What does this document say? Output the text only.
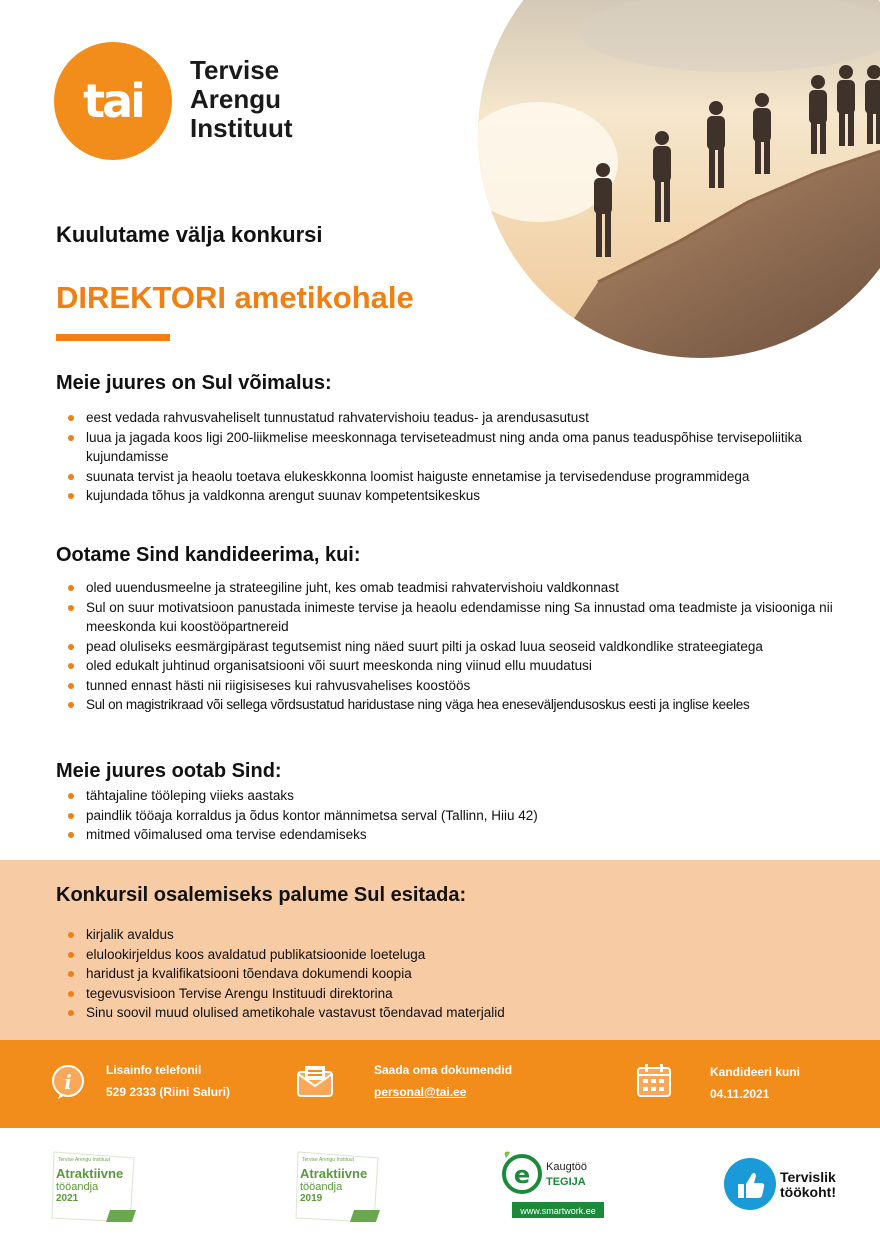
tai
Tervise
Arengu
Instituut
Kuulutame välja konkursi
DIREKTORI ametikohale
Meie juures on Sul võimalus:
eest vedada rahvusvaheliselt tunnustatud rahvatervishoiu teadus- ja arendusasutust
luua ja jagada koos ligi 200-liikmelise meeskonnaga terviseteadmust ning anda oma panus teaduspõhise tervisepoliitika kujundamisse
suunata tervist ja heaolu toetava elukeskkonna loomist haiguste ennetamise ja tervisedenduse programmidega
kujundada tõhus ja valdkonna arengut suunav kompetentsikeskus
Ootame Sind kandideerima, kui:
oled uuendusmeelne ja strateegiline juht, kes omab teadmisi rahvatervishoiu valdkonnast
Sul on suur motivatsioon panustada inimeste tervise ja heaolu edendamisse ning Sa innustad oma teadmiste ja visiooniga nii meeskonda kui koostööpartnereid
pead oluliseks eesmärgipärast tegutsemist ning näed suurt pilti ja oskad luua seoseid valdkondlike strateegiatega
oled edukalt juhtinud organisatsiooni või suurt meeskonda ning viinud ellu muudatusi
tunned ennast hästi nii riigisiseses kui rahvusvahelises koostöös
Sul on magistrikraad või sellega võrdsustatud haridustase ning väga hea eneseväljendusoskus eesti ja inglise keeles
Meie juures ootab Sind:
tähtajaline tööleping viieks aastaks
paindlik tööaja korraldus ja õdus kontor männimetsa serval (Tallinn, Hiiu 42)
mitmed võimalused oma tervise edendamiseks
Konkursil osalemiseks palume Sul esitada:
kirjalik avaldus
elulookirjeldus koos avaldatud publikatsioonide loeteluga
haridust ja kvalifikatsiooni tõendava dokumendi koopia
tegevusvisioon Tervise Arengu Instituudi direktorina
Sinu soovil muud olulised ametikohale vastavust tõendavad materjalid
i	Lisainfo telefonil
529 2333 (Riini Saluri)
Saada oma dokumendid
personal@tai.ee
Kandideeri kuni
04.11.2021
Tervise Arengu Instituut
Atraktiivne
tööandja
2021
Tervise Arengu Instituut
Atraktiivne
tööandja
2019
e Kaugtöö
TEGIJA
www.smartwork.ee
Tervislik
töökoht!
